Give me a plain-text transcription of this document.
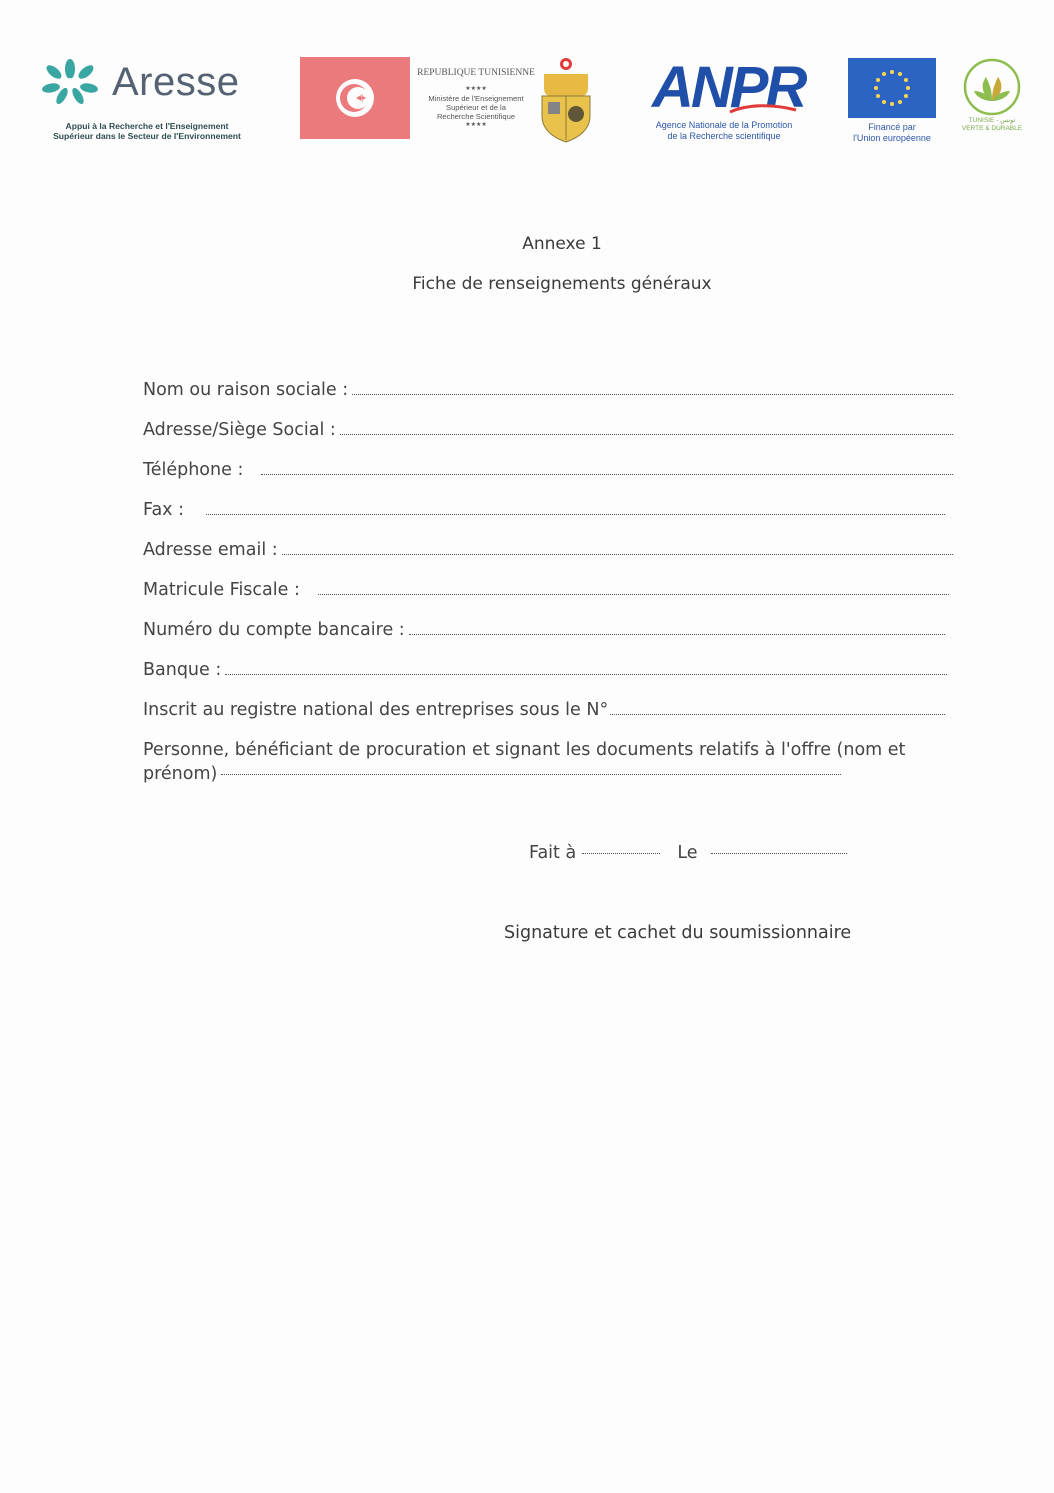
Aresse
Appui à la Recherche et l'Enseignement
Supérieur dans le Secteur de l'Environnement
REPUBLIQUE TUNISIENNE
★★★★
Ministère de l'Enseignement
Supérieur et de la
Recherche Scientifique
★★★★
ANPR
Agence Nationale de la Promotion
de la Recherche scientifique
Financé par
l'Union européenne
TUNISIE - تونس
VERTE & DURABLE
Annexe 1
Fiche de renseignements généraux
Nom ou raison sociale :
Adresse/Siège Social :
Téléphone :
Fax :
Adresse email :
Matricule Fiscale :
Numéro du compte bancaire :
Banque :
Inscrit au registre national des entreprises sous le N°
Personne, bénéficiant de procuration et signant les documents relatifs à l'offre (nom et
prénom)
Fait à	Le
Signature et cachet du soumissionnaire
